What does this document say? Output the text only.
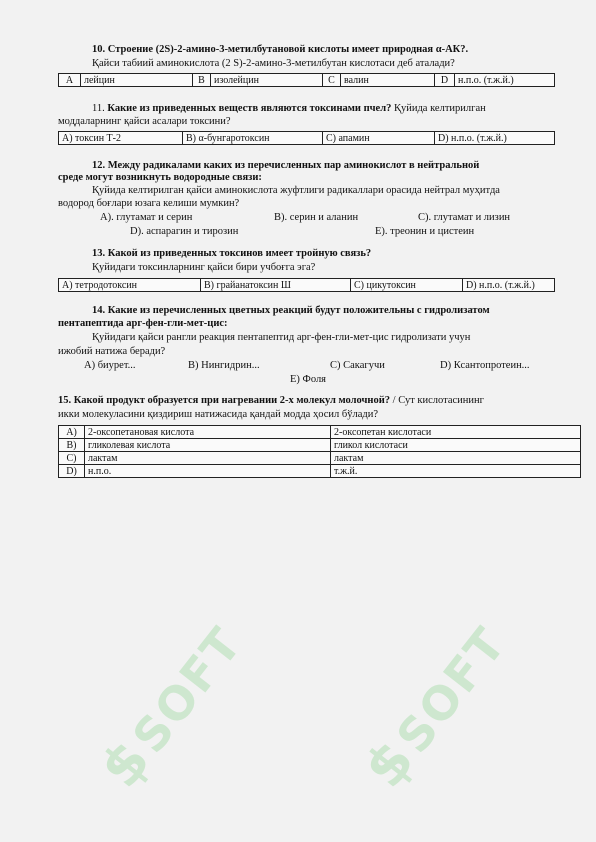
$SOFT
$SOFT
10. Строение (2S)-2-амино-3-метилбутановой кислоты имеет природная α-АК?.
Қайси табиий аминокислота (2 S)-2-амино-3-метилбутан кислотаси деб аталади?
A	лейцин	B	изолейцин	C	валин	D	н.п.о. (т.ж.й.)
11. Какие из приведенных веществ являются токсинами пчел? Қуйида келтирилган
моддаларнинг қайси асалари токсини?
A) токсин Т-2	B) α-бунгаротоксин	C) апамин	D) н.п.о. (т.ж.й.)
12. Между радикалами каких из перечисленных пар аминокислот в нейтральной
среде могут возникнуть водородные связи:
Қуйида келтирилган қайси аминокислота жуфтлиги радикаллари орасида нейтрал муҳитда
водород боғлари юзага келиши мумкин?
A). глутамат и серин	B). серин и аланин	C). глутамат и лизин
D). аспарагин и тирозин	E). треонин и цистеин
13. Какой из приведенных токсинов имеет тройную связь?
Қуйидаги токсинларнинг қайси бири учбоғга эга?
A) тетродотоксин	B) грайанатоксин Ш	C) цикутоксин	D) н.п.о. (т.ж.й.)
14. Какие из перечисленных цветных реакций будут положительны с гидролизатом
пентапептида арг-фен-гли-мет-цис:
Қуйидаги қайси рангли реакция пентапептид арг-фен-гли-мет-цис гидролизати учун
ижобий натижа беради?
А) биурет...	В) Нингидрин...	С) Сакагучи	D) Ксантопротеин...
Е) Фоля
15. Какой продукт образуется при нагревании 2-х молекул молочной? / Сут кислотасининг
икки молекуласини қиздириш натижасида қандай модда ҳосил бўлади?
A)	2-оксопетановая кислота	2-оксопетан кислотаси
B)	гликолевая кислота	гликол кислотаси
C)	лактам	лактам
D)	н.п.о.	т.ж.й.
